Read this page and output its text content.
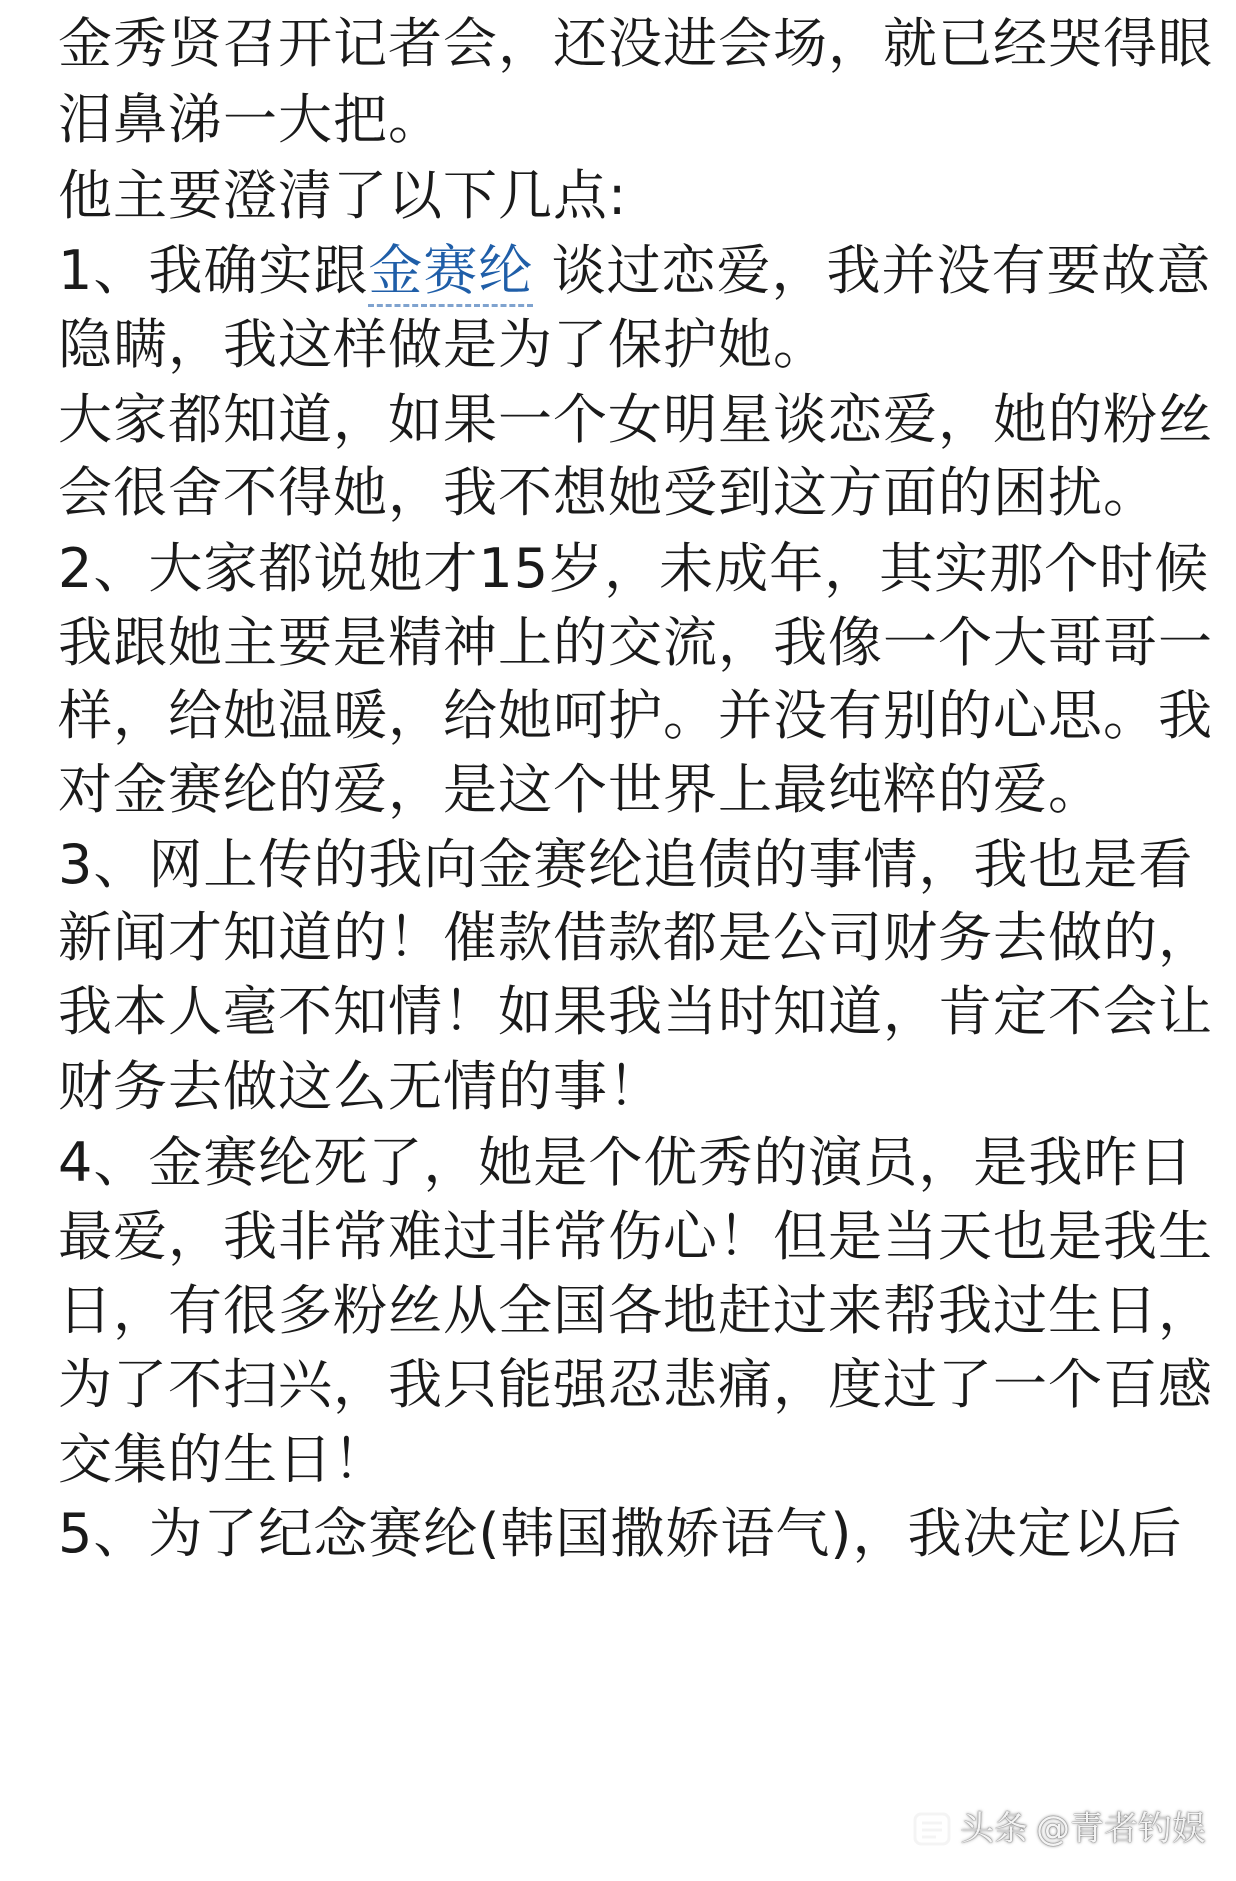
金秀贤召开记者会，还没进会场，就已经哭得眼
泪鼻涕一大把。
他主要澄清了以下几点:
1、我确实跟金赛纶 谈过恋爱，我并没有要故意
隐瞒，我这样做是为了保护她。
大家都知道，如果一个女明星谈恋爱，她的粉丝
会很舍不得她，我不想她受到这方面的困扰。
2、大家都说她才15岁，未成年，其实那个时候
我跟她主要是精神上的交流，我像一个大哥哥一
样，给她温暖，给她呵护。并没有别的心思。我
对金赛纶的爱，是这个世界上最纯粹的爱。
3、网上传的我向金赛纶追债的事情，我也是看
新闻才知道的！催款借款都是公司财务去做的，
我本人毫不知情！如果我当时知道，肯定不会让
财务去做这么无情的事！
4、金赛纶死了，她是个优秀的演员，是我昨日
最爱，我非常难过非常伤心！但是当天也是我生
日，有很多粉丝从全国各地赶过来帮我过生日，
为了不扫兴，我只能强忍悲痛，度过了一个百感
交集的生日！
5、为了纪念赛纶(韩国撒娇语气)，我决定以后
头条 @青者钓娱
